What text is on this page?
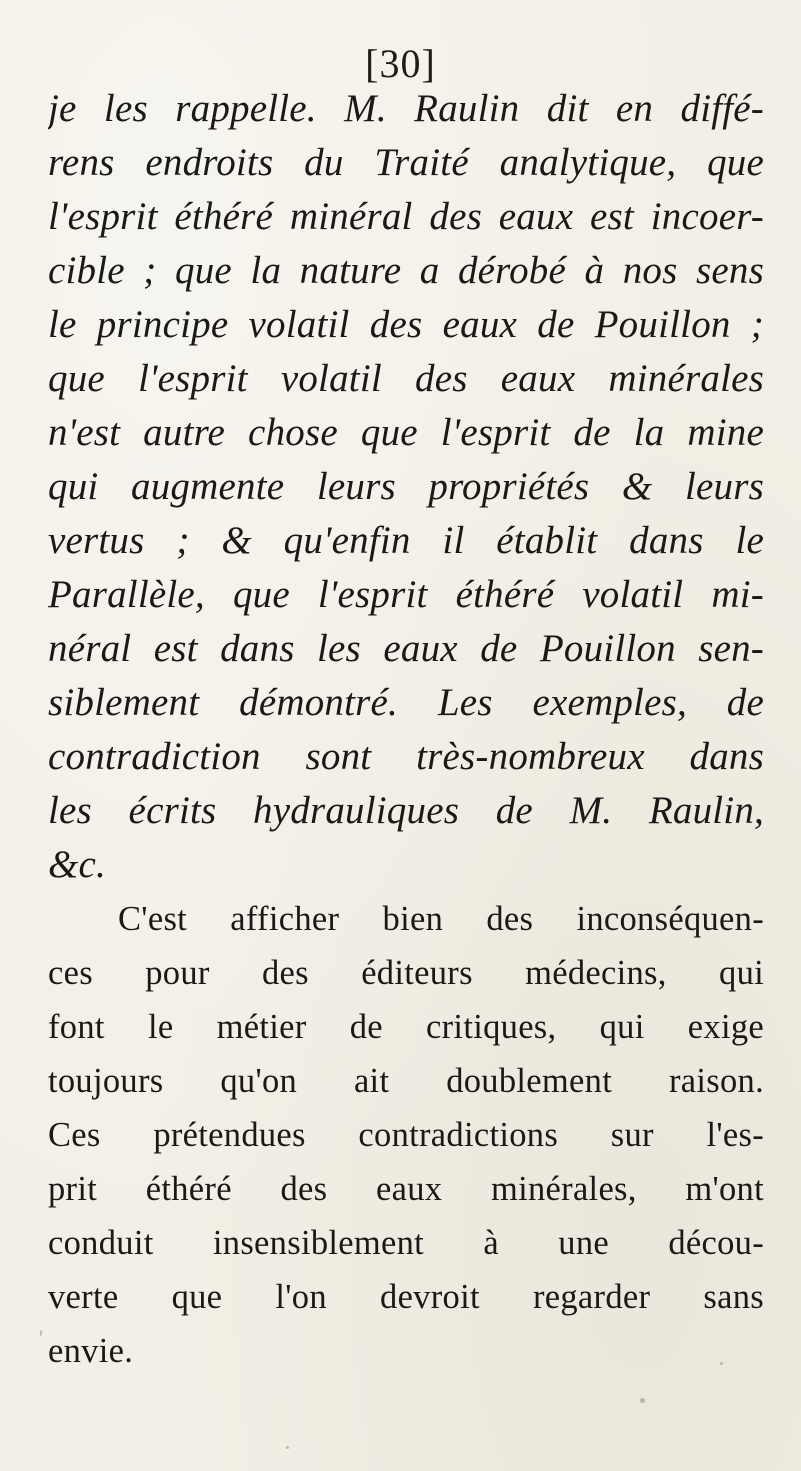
[30]
je les rappelle. M. Raulin dit en diffé-
rens endroits du Traité analytique, que
l'esprit éthéré minéral des eaux est incoer-
cible ; que la nature a dérobé à nos sens
le principe volatil des eaux de Pouillon ;
que l'esprit volatil des eaux minérales
n'est autre chose que l'esprit de la mine
qui augmente leurs propriétés & leurs
vertus ; & qu'enfin il établit dans le
Parallèle, que l'esprit éthéré volatil mi-
néral est dans les eaux de Pouillon sen-
siblement démontré. Les exemples, de
contradiction sont très-nombreux dans
les écrits hydrauliques de M. Raulin,
&c.
C'est afficher bien des inconséquen-
ces pour des éditeurs médecins, qui
font le métier de critiques, qui exige
toujours qu'on ait doublement raison.
Ces prétendues contradictions sur l'es-
prit éthéré des eaux minérales, m'ont
conduit insensiblement à une décou-
verte que l'on devroit regarder sans
envie.
